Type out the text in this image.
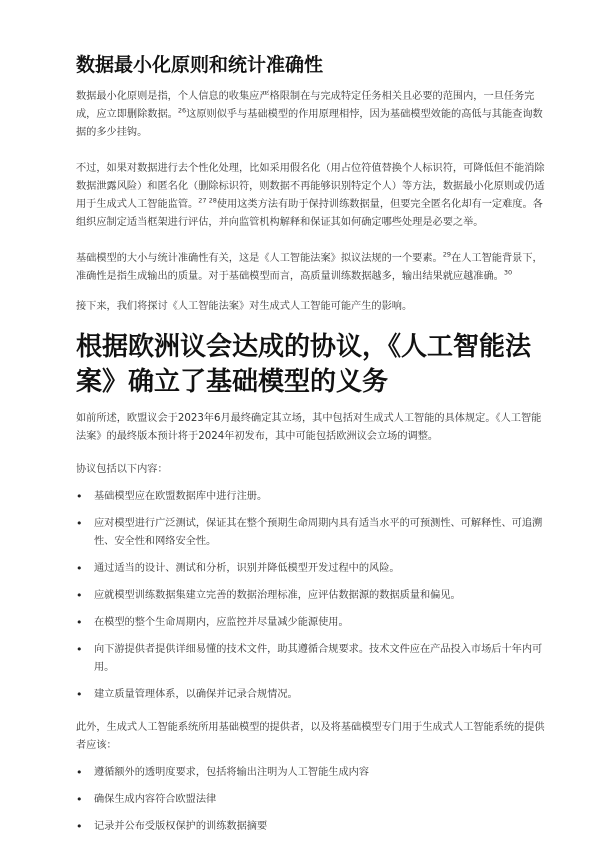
数据最小化原则和统计准确性

数据最小化原则是指，个人信息的收集应严格限制在与完成特定任务相关且必要的范围内，一旦任务完成，应立即删除数据。$^{26}$这原则似乎与基础模型的作用原理相悖，因为基础模型效能的高低与其能查询数据的多少挂钩。

不过，如果对数据进行去个性化处理，比如采用假名化（用占位符值替换个人标识符，可降低但不能消除数据泄露风险）和匿名化（删除标识符，则数据不再能够识别特定个人）等方法，数据最小化原则或仍适用于生成式人工智能监管。$^{27 28}$使用这类方法有助于保持训练数据量，但要完全匿名化却有一定难度。各组织应制定适当框架进行评估，并向监管机构解释和保证其如何确定哪些处理是必要之举。

基础模型的大小与统计准确性有关，这是《人工智能法案》拟议法规的一个要素。$^{29}$在人工智能背景下，准确性是指生成输出的质量。对于基础模型而言，高质量训练数据越多，输出结果就应越准确。$^{30}$

接下来，我们将探讨《人工智能法案》对生成式人工智能可能产生的影响。

根据欧洲议会达成的协议，《人工智能法案》确立了基础模型的义务

如前所述，欧盟议会于2023年6月最终确定其立场，其中包括对生成式人工智能的具体规定。《人工智能法案》的最终版本预计将于2024年初发布，其中可能包括欧洲议会立场的调整。

协议包括以下内容：

• 基础模型应在欧盟数据库中进行注册。
• 应对模型进行广泛测试，保证其在整个预期生命周期内具有适当水平的可预测性、可解释性、可追溯性、安全性和网络安全性。
• 通过适当的设计、测试和分析，识别并降低模型开发过程中的风险。
• 应就模型训练数据集建立完善的数据治理标准，应评估数据源的数据质量和偏见。
• 在模型的整个生命周期内，应监控并尽量减少能源使用。
• 向下游提供者提供详细易懂的技术文件，助其遵循合规要求。技术文件应在产品投入市场后十年内可用。
• 建立质量管理体系，以确保并记录合规情况。

此外，生成式人工智能系统所用基础模型的提供者，以及将基础模型专门用于生成式人工智能系统的提供者应该：

• 遵循额外的透明度要求，包括将输出注明为人工智能生成内容
• 确保生成内容符合欧盟法律
• 记录并公布受版权保护的训练数据摘要
